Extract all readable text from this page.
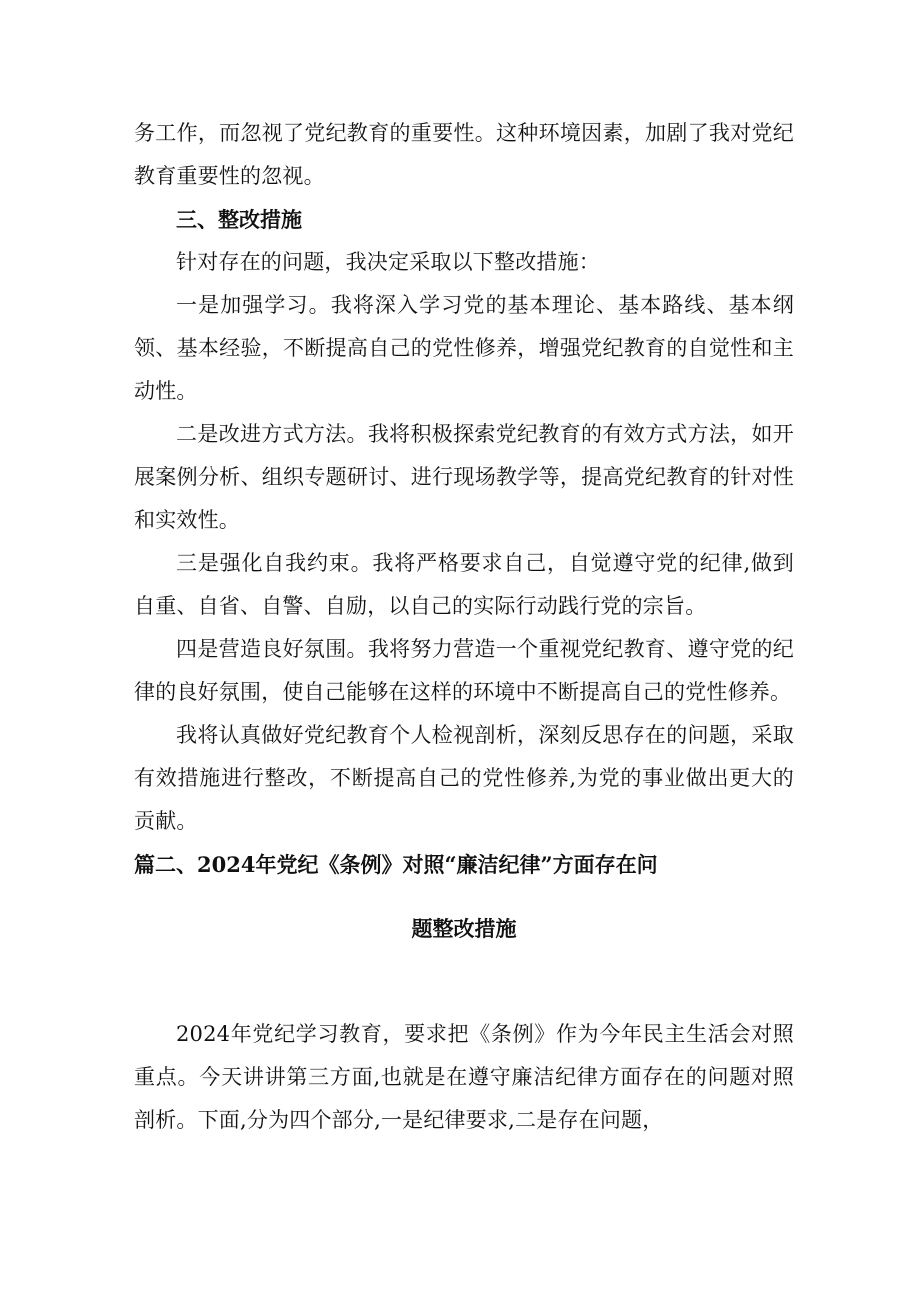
务工作，而忽视了党纪教育的重要性。这种环境因素，加剧了我对党纪教育重要性的忽视。

三、整改措施

针对存在的问题，我决定采取以下整改措施：

一是加强学习。我将深入学习党的基本理论、基本路线、基本纲领、基本经验，不断提高自己的党性修养，增强党纪教育的自觉性和主动性。

二是改进方式方法。我将积极探索党纪教育的有效方式方法，如开展案例分析、组织专题研讨、进行现场教学等，提高党纪教育的针对性和实效性。

三是强化自我约束。我将严格要求自己，自觉遵守党的纪律,做到自重、自省、自警、自励，以自己的实际行动践行党的宗旨。

四是营造良好氛围。我将努力营造一个重视党纪教育、遵守党的纪律的良好氛围，使自己能够在这样的环境中不断提高自己的党性修养。

我将认真做好党纪教育个人检视剖析，深刻反思存在的问题，采取有效措施进行整改，不断提高自己的党性修养,为党的事业做出更大的贡献。

篇二、2024年党纪《条例》对照“廉洁纪律”方面存在问

题整改措施

2024年党纪学习教育，要求把《条例》作为今年民主生活会对照重点。今天讲讲第三方面,也就是在遵守廉洁纪律方面存在的问题对照剖析。下面,分为四个部分,一是纪律要求,二是存在问题，
